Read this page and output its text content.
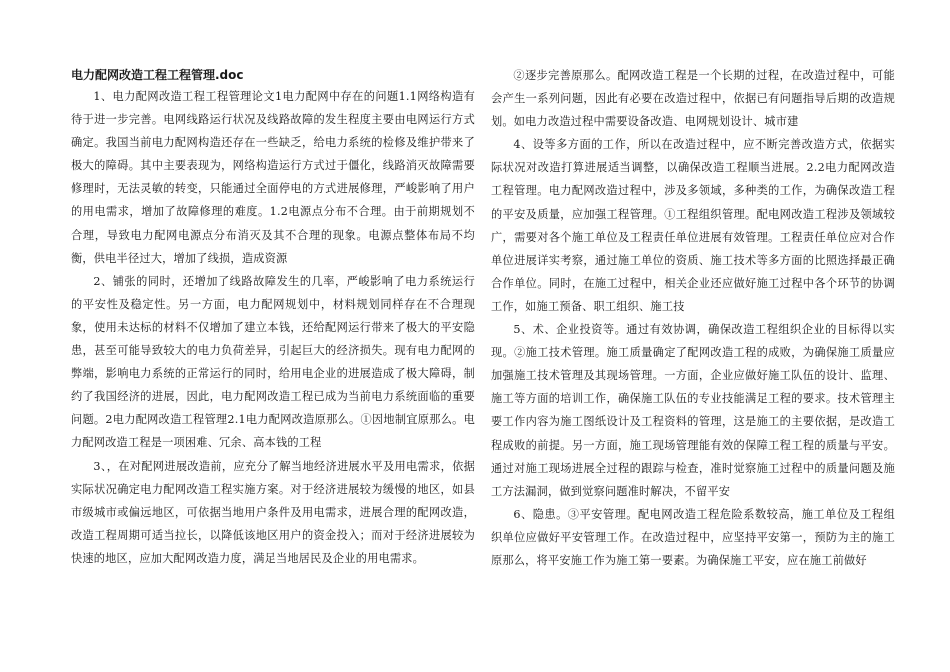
电力配网改造工程工程管理.doc

1、电力配网改造工程工程管理论文1电力配网中存在的问题1.1网络构造有待于进一步完善。电网线路运行状况及线路故障的发生程度主要由电网运行方式确定。我国当前电力配网构造还存在一些缺乏，给电力系统的检修及维护带来了极大的障碍。其中主要表现为，网络构造运行方式过于僵化，线路消灭故障需要修理时，无法灵敏的转变，只能通过全面停电的方式进展修理，严峻影响了用户的用电需求，增加了故障修理的难度。1.2电源点分布不合理。由于前期规划不合理，导致电力配网电源点分布消灭及其不合理的现象。电源点整体布局不均衡，供电半径过大，增加了线损，造成资源

2、铺张的同时，还增加了线路故障发生的几率，严峻影响了电力系统运行的平安性及稳定性。另一方面，电力配网规划中，材料规划同样存在不合理现象，使用未达标的材料不仅增加了建立本钱，还给配网运行带来了极大的平安隐患，甚至可能导致较大的电力负荷差异，引起巨大的经济损失。现有电力配网的弊端，影响电力系统的正常运行的同时，给用电企业的进展造成了极大障碍，制约了我国经济的进展，因此，电力配网改造工程已成为当前电力系统面临的重要问题。2电力配网改造工程管理2.1电力配网改造原那么。①因地制宜原那么。电力配网改造工程是一项困难、冗余、高本钱的工程

3、，在对配网进展改造前，应充分了解当地经济进展水平及用电需求，依据实际状况确定电力配网改造工程实施方案。对于经济进展较为缓慢的地区，如县市级城市或偏远地区，可依据当地用户条件及用电需求，进展合理的配网改造，改造工程周期可适当拉长，以降低该地区用户的资金投入；而对于经济进展较为快速的地区，应加大配网改造力度，满足当地居民及企业的用电需求。

②逐步完善原那么。配网改造工程是一个长期的过程，在改造过程中，可能会产生一系列问题，因此有必要在改造过程中，依据已有问题指导后期的改造规划。如电力改造过程中需要设备改造、电网规划设计、城市建

4、设等多方面的工作，所以在改造过程中，应不断完善改造方式，依据实际状况对改造打算进展适当调整，以确保改造工程顺当进展。2.2电力配网改造工程管理。电力配网改造过程中，涉及多领域，多种类的工作，为确保改造工程的平安及质量，应加强工程管理。①工程组织管理。配电网改造工程涉及领域较广，需要对各个施工单位及工程责任单位进展有效管理。工程责任单位应对合作单位进展详实考察，通过施工单位的资质、施工技术等多方面的比照选择最正确合作单位。同时，在施工过程中，相关企业还应做好施工过程中各个环节的协调工作，如施工预备、职工组织、施工技

5、术、企业投资等。通过有效协调，确保改造工程组织企业的目标得以实现。②施工技术管理。施工质量确定了配网改造工程的成败，为确保施工质量应加强施工技术管理及其现场管理。一方面，企业应做好施工队伍的设计、监理、施工等方面的培训工作，确保施工队伍的专业技能满足工程的要求。技术管理主要工作内容为施工图纸设计及工程资料的管理，这是施工的主要依据，是改造工程成败的前提。另一方面，施工现场管理能有效的保障工程工程的质量与平安。通过对施工现场进展全过程的跟踪与检查，准时觉察施工过程中的质量问题及施工方法漏洞，做到觉察问题准时解决，不留平安

6、隐患。③平安管理。配电网改造工程危险系数较高，施工单位及工程组织单位应做好平安管理工作。在改造过程中，应坚持平安第一，预防为主的施工原那么，将平安施工作为施工第一要素。为确保施工平安，应在施工前做好
